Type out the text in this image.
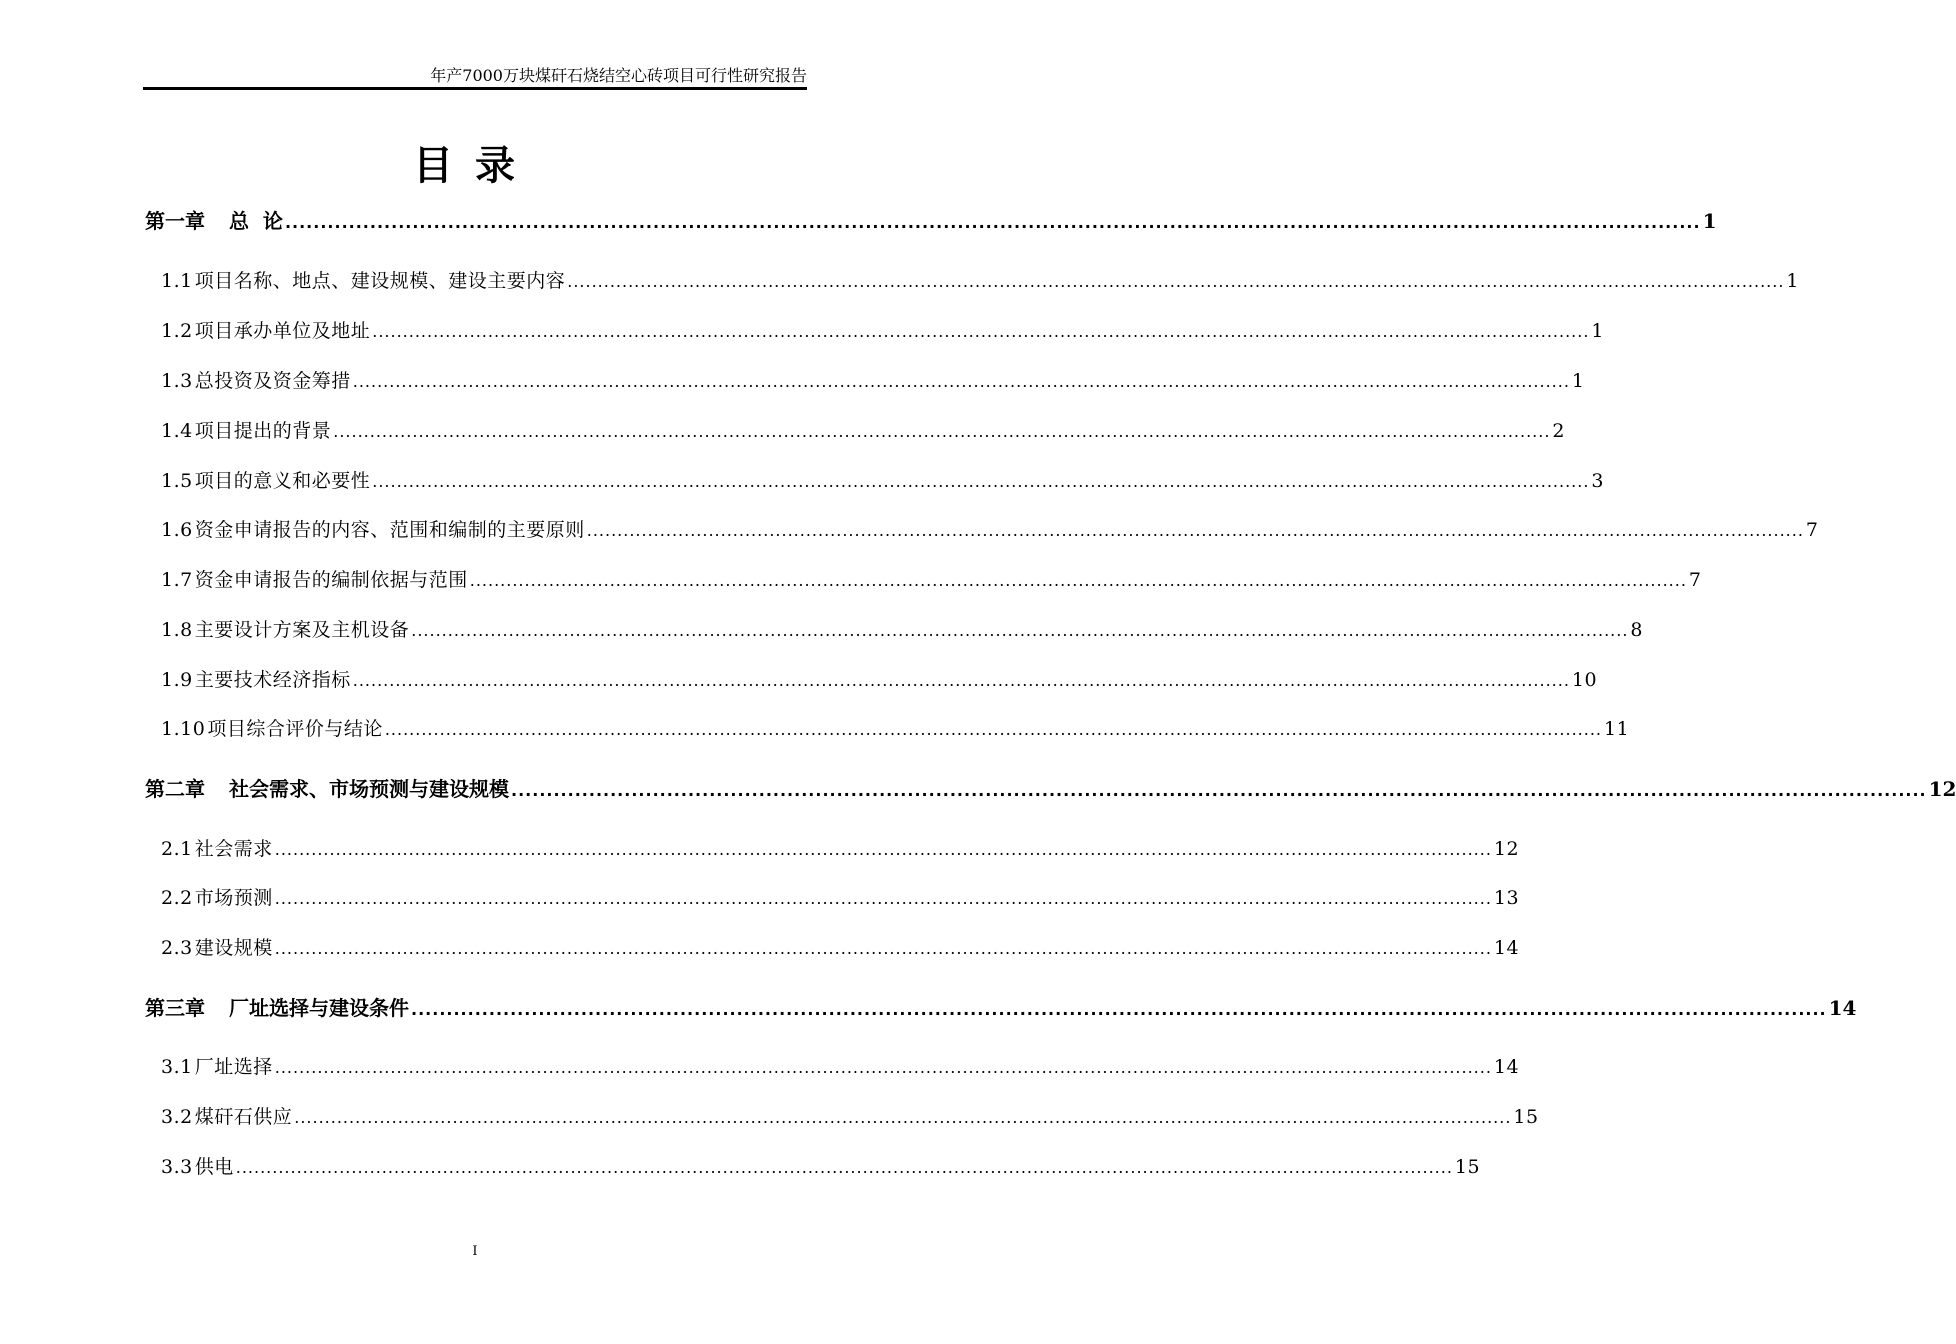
年产7000万块煤矸石烧结空心砖项目可行性研究报告
目录
第一章 总  论 ........................................................................................................................................................................................................ 1
1.1 项目名称、地点、建设规模、建设主要内容 ........................................................................................................................................................................................................ 1
1.2 项目承办单位及地址 ........................................................................................................................................................................................................ 1
1.3 总投资及资金筹措 ........................................................................................................................................................................................................ 1
1.4 项目提出的背景 ........................................................................................................................................................................................................ 2
1.5 项目的意义和必要性 ........................................................................................................................................................................................................ 3
1.6 资金申请报告的内容、范围和编制的主要原则 ........................................................................................................................................................................................................ 7
1.7 资金申请报告的编制依据与范围 ........................................................................................................................................................................................................ 7
1.8 主要设计方案及主机设备 ........................................................................................................................................................................................................ 8
1.9 主要技术经济指标 ........................................................................................................................................................................................................ 10
1.10 项目综合评价与结论 ........................................................................................................................................................................................................ 11
第二章 社会需求、市场预测与建设规模 ........................................................................................................................................................................................................ 12
2.1 社会需求 ........................................................................................................................................................................................................ 12
2.2 市场预测 ........................................................................................................................................................................................................ 13
2.3 建设规模 ........................................................................................................................................................................................................ 14
第三章 厂址选择与建设条件 ........................................................................................................................................................................................................ 14
3.1 厂址选择 ........................................................................................................................................................................................................ 14
3.2 煤矸石供应 ........................................................................................................................................................................................................ 15
3.3 供电 ........................................................................................................................................................................................................ 15
I
